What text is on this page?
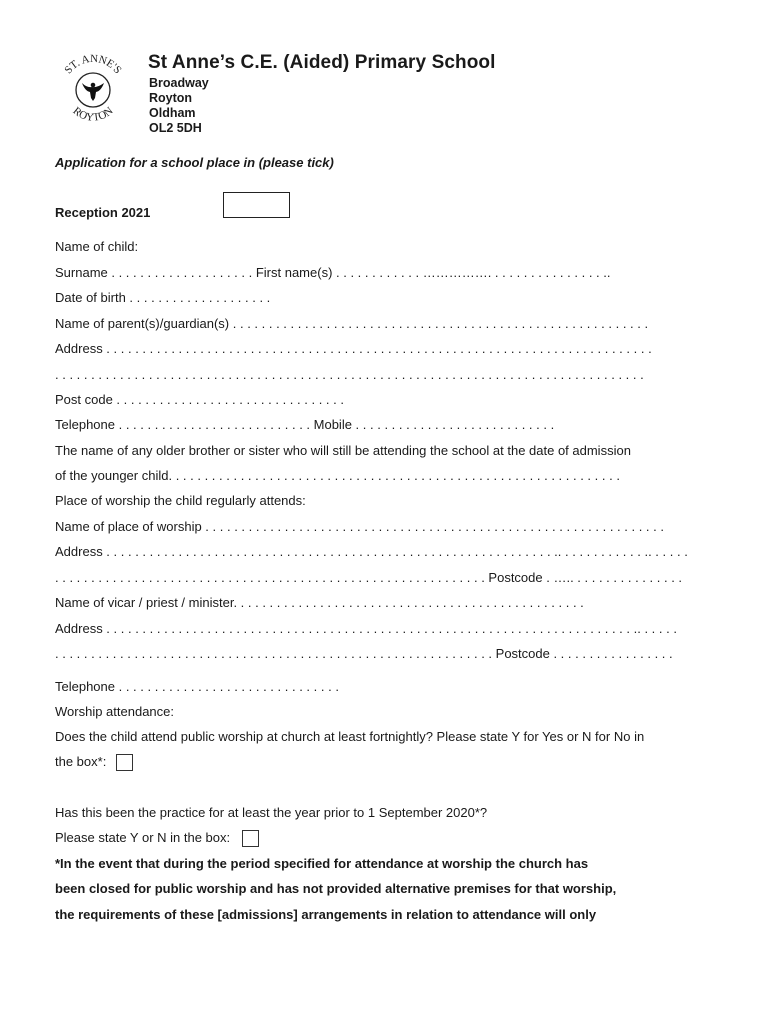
ST. ANNE'S
ROYTON
St Anne’s C.E. (Aided) Primary School
Broadway
Royton
Oldham
OL2 5DH
Application for a school place in (please tick)
Reception 2021
Name of child:
Surname . . . . . . . . . . . . . . . . . . . . First name(s) . . . . . . . . . . . . ……………. . . . . . . . . . . . . . . . ..
Date of birth . . . . . . . . . . . . . . . . . . . .
Name of parent(s)/guardian(s) . . . . . . . . . . . . . . . . . . . . . . . . . . . . . . . . . . . . . . . . . . . . . . . . . . . . . . . . . .
Address . . . . . . . . . . . . . . . . . . . . . . . . . . . . . . . . . . . . . . . . . . . . . . . . . . . . . . . . . . . . . . . . . . . . . . . . . . . .
. . . . . . . . . . . . . . . . . . . . . . . . . . . . . . . . . . . . . . . . . . . . . . . . . . . . . . . . . . . . . . . . . . . . . . . . . . . . . . . . . .
Post code . . . . . . . . . . . . . . . . . . . . . . . . . . . . . . . .
Telephone . . . . . . . . . . . . . . . . . . . . . . . . . . . Mobile . . . . . . . . . . . . . . . . . . . . . . . . . . . .
The name of any older brother or sister who will still be attending the school at the date of admission
of the younger child. . . . . . . . . . . . . . . . . . . . . . . . . . . . . . . . . . . . . . . . . . . . . . . . . . . . . . . . . . . . . . .
Place of worship the child regularly attends:
Name of place of worship . . . . . . . . . . . . . . . . . . . . . . . . . . . . . . . . . . . . . . . . . . . . . . . . . . . . . . . . . . . . . . . .
Address . . . . . . . . . . . . . . . . . . . . . . . . . . . . . . . . . . . . . . . . . . . . . . . . . . . . . . . . . . . . . . .. . . . . . . . . . . . .. . . . . .
. . . . . . . . . . . . . . . . . . . . . . . . . . . . . . . . . . . . . . . . . . . . . . . . . . . . . . . . . . . . Postcode . ….. . . . . . . . . . . . . . . .
Name of vicar / priest / minister. . . . . . . . . . . . . . . . . . . . . . . . . . . . . . . . . . . . . . . . . . . . . . . . .
Address . . . . . . . . . . . . . . . . . . . . . . . . . . . . . . . . . . . . . . . . . . . . . . . . . . . . . . . . . . . . . . . . . . . . . . . . . .. . . . . .
. . . . . . . . . . . . . . . . . . . . . . . . . . . . . . . . . . . . . . . . . . . . . . . . . . . . . . . . . . . . . Postcode . . . . . . . . . . . . . . . . .
Telephone . . . . . . . . . . . . . . . . . . . . . . . . . . . . . . .
Worship attendance:
Does the child attend public worship at church at least fortnightly? Please state Y for Yes or N for No in
the box*:
Has this been the practice for at least the year prior to 1 September 2020*?
Please state Y or N in the box:
*In the event that during the period specified for attendance at worship the church has
been closed for public worship and has not provided alternative premises for that worship,
the requirements of these [admissions] arrangements in relation to attendance will only
